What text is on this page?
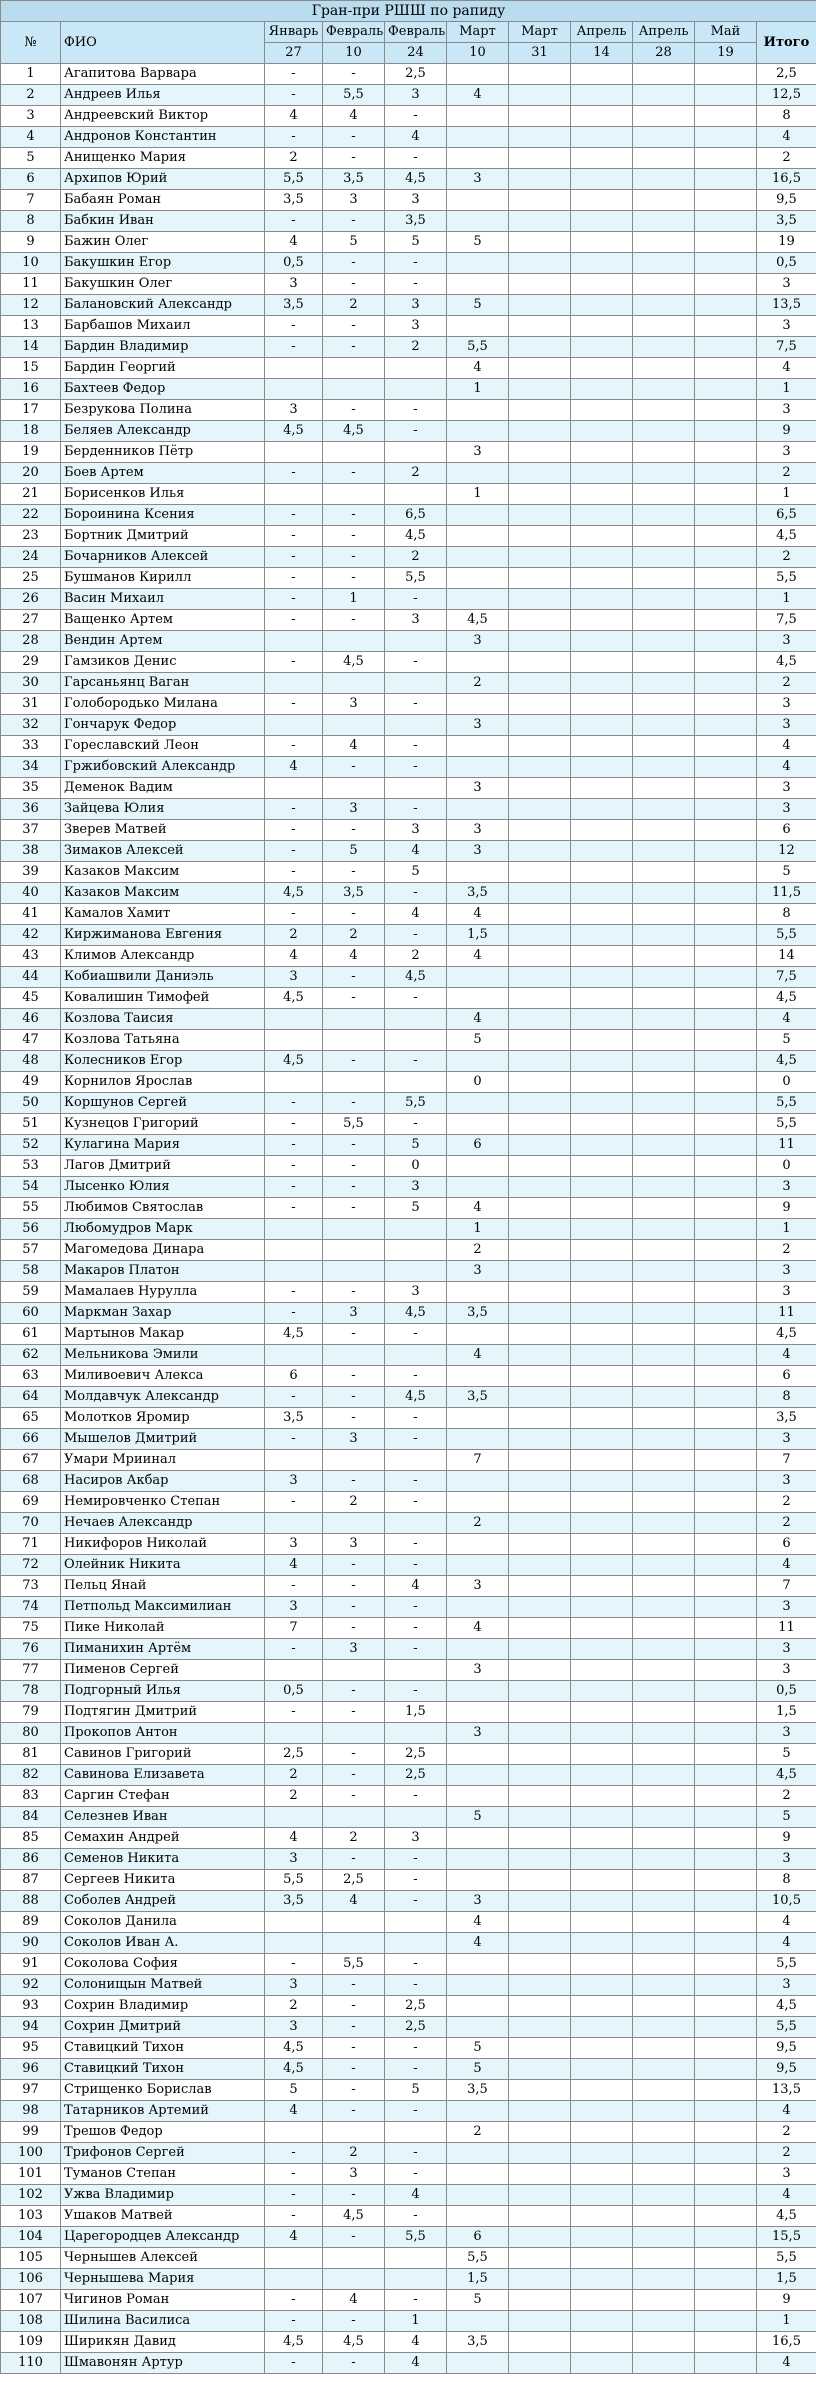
Гран-при РШШ по рапиду										
№	ФИО	Январь	Февраль	Февраль	Март	Март	Апрель	Апрель	Май	Итого
		27	10	24	10	31	14	28	19	
1	Агапитова Варвара	-	-	2,5						2,5
2	Андреев Илья	-	5,5	3	4					12,5
3	Андреевский Виктор	4	4	-						8
4	Андронов Константин	-	-	4						4
5	Анищенко Мария	2	-	-						2
6	Архипов Юрий	5,5	3,5	4,5	3					16,5
7	Бабаян Роман	3,5	3	3						9,5
8	Бабкин Иван	-	-	3,5						3,5
9	Бажин Олег	4	5	5	5					19
10	Бакушкин Егор	0,5	-	-						0,5
11	Бакушкин Олег	3	-	-						3
12	Балановский Александр	3,5	2	3	5					13,5
13	Барбашов Михаил	-	-	3						3
14	Бардин Владимир	-	-	2	5,5					7,5
15	Бардин Георгий				4					4
16	Бахтеев Федор				1					1
17	Безрукова Полина	3	-	-						3
18	Беляев Александр	4,5	4,5	-						9
19	Берденников Пётр				3					3
20	Боев Артем	-	-	2						2
21	Борисенков Илья				1					1
22	Бороинина Ксения	-	-	6,5						6,5
23	Бортник Дмитрий	-	-	4,5						4,5
24	Бочарников Алексей	-	-	2						2
25	Бушманов Кирилл	-	-	5,5						5,5
26	Васин Михаил	-	1	-						1
27	Ващенко Артем	-	-	3	4,5					7,5
28	Вендин Артем				3					3
29	Гамзиков Денис	-	4,5	-						4,5
30	Гарсаньянц Ваган				2					2
31	Голобородько Милана	-	3	-						3
32	Гончарук Федор				3					3
33	Гореславский Леон	-	4	-						4
34	Гржибовский Александр	4	-	-						4
35	Деменок Вадим				3					3
36	Зайцева Юлия	-	3	-						3
37	Зверев Матвей	-	-	3	3					6
38	Зимаков Алексей	-	5	4	3					12
39	Казаков Максим	-	-	5						5
40	Казаков Максим	4,5	3,5	-	3,5					11,5
41	Камалов Хамит	-	-	4	4					8
42	Киржиманова Евгения	2	2	-	1,5					5,5
43	Климов Александр	4	4	2	4					14
44	Кобиашвили Даниэль	3	-	4,5						7,5
45	Ковалишин Тимофей	4,5	-	-						4,5
46	Козлова Таисия				4					4
47	Козлова Татьяна				5					5
48	Колесников Егор	4,5	-	-						4,5
49	Корнилов Ярослав				0					0
50	Коршунов Сергей	-	-	5,5						5,5
51	Кузнецов Григорий	-	5,5	-						5,5
52	Кулагина Мария	-	-	5	6					11
53	Лагов Дмитрий	-	-	0						0
54	Лысенко Юлия	-	-	3						3
55	Любимов Святослав	-	-	5	4					9
56	Любомудров Марк				1					1
57	Магомедова Динара				2					2
58	Макаров Платон				3					3
59	Мамалаев Нурулла	-	-	3						3
60	Маркман Захар	-	3	4,5	3,5					11
61	Мартынов Макар	4,5	-	-						4,5
62	Мельникова Эмили				4					4
63	Миливоевич Алекса	6	-	-						6
64	Молдавчук Александр	-	-	4,5	3,5					8
65	Молотков Яромир	3,5	-	-						3,5
66	Мышелов Дмитрий	-	3	-						3
67	Умари Мриинал				7					7
68	Насиров Акбар	3	-	-						3
69	Немировченко Степан	-	2	-						2
70	Нечаев Александр				2					2
71	Никифоров Николай	3	3	-						6
72	Олейник Никита	4	-	-						4
73	Пельц Янай	-	-	4	3					7
74	Петпольд Максимилиан	3	-	-						3
75	Пике Николай	7	-	-	4					11
76	Пиманихин Артём	-	3	-						3
77	Пименов Сергей				3					3
78	Подгорный Илья	0,5	-	-						0,5
79	Подтягин Дмитрий	-	-	1,5						1,5
80	Прокопов Антон				3					3
81	Савинов Григорий	2,5	-	2,5						5
82	Савинова Елизавета	2	-	2,5						4,5
83	Саргин Стефан	2	-	-						2
84	Селезнев Иван				5					5
85	Семахин Андрей	4	2	3						9
86	Семенов Никита	3	-	-						3
87	Сергеев Никита	5,5	2,5	-						8
88	Соболев Андрей	3,5	4	-	3					10,5
89	Соколов Данила				4					4
90	Соколов Иван А.				4					4
91	Соколова София	-	5,5	-						5,5
92	Солонищын Матвей	3	-	-						3
93	Сохрин Владимир	2	-	2,5						4,5
94	Сохрин Дмитрий	3	-	2,5						5,5
95	Ставицкий Тихон	4,5	-	-	5					9,5
96	Ставицкий Тихон	4,5	-	-	5					9,5
97	Стрищенко Борислав	5	-	5	3,5					13,5
98	Татарников Артемий	4	-	-						4
99	Трешов Федор				2					2
100	Трифонов Сергей	-	2	-						2
101	Туманов Степан	-	3	-						3
102	Ужва Владимир	-	-	4						4
103	Ушаков Матвей	-	4,5	-						4,5
104	Царегородцев Александр	4	-	5,5	6					15,5
105	Чернышев Алексей				5,5					5,5
106	Чернышева Мария				1,5					1,5
107	Чигинов Роман	-	4	-	5					9
108	Шилина Василиса	-	-	1						1
109	Ширикян Давид	4,5	4,5	4	3,5					16,5
110	Шмавонян Артур	-	-	4						4
